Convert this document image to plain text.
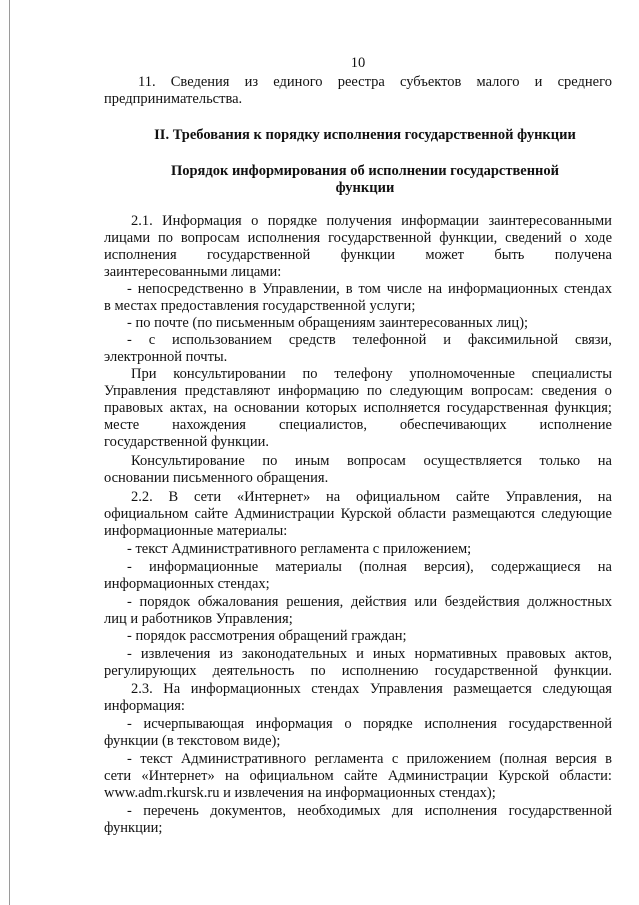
10
11. Сведения из единого реестра субъектов малого и среднего
предпринимательства.
II. Требования к порядку исполнения государственной функции
Порядок информирования об исполнении государственной
функции
2.1. Информация о порядке получения информации заинтересованными
лицами по вопросам исполнения государственной функции, сведений о ходе
исполнения государственной функции может быть получена
заинтересованными лицами:
- непосредственно в Управлении, в том числе на информационных стендах
в местах предоставления государственной услуги;
- по почте (по письменным обращениям заинтересованных лиц);
- с использованием средств телефонной и факсимильной связи,
электронной почты.
При консультировании по телефону уполномоченные специалисты
Управления представляют информацию по следующим вопросам: сведения о
правовых актах, на основании которых исполняется государственная функция;
месте нахождения специалистов, обеспечивающих исполнение
государственной функции.
Консультирование по иным вопросам осуществляется только на
основании письменного обращения.
2.2. В сети «Интернет» на официальном сайте Управления, на
официальном сайте Администрации Курской области размещаются следующие
информационные материалы:
- текст Административного регламента с приложением;
- информационные материалы (полная версия), содержащиеся на
информационных стендах;
- порядок обжалования решения, действия или бездействия должностных
лиц и работников Управления;
- порядок рассмотрения обращений граждан;
- извлечения из законодательных и иных нормативных правовых актов,
регулирующих деятельность по исполнению государственной функции.
2.3. На информационных стендах Управления размещается следующая
информация:
- исчерпывающая информация о порядке исполнения государственной
функции (в текстовом виде);
- текст Административного регламента с приложением (полная версия в
сети «Интернет» на официальном сайте Администрации Курской области:
www.adm.rkursk.ru и извлечения на информационных стендах);
- перечень документов, необходимых для исполнения государственной
функции;
